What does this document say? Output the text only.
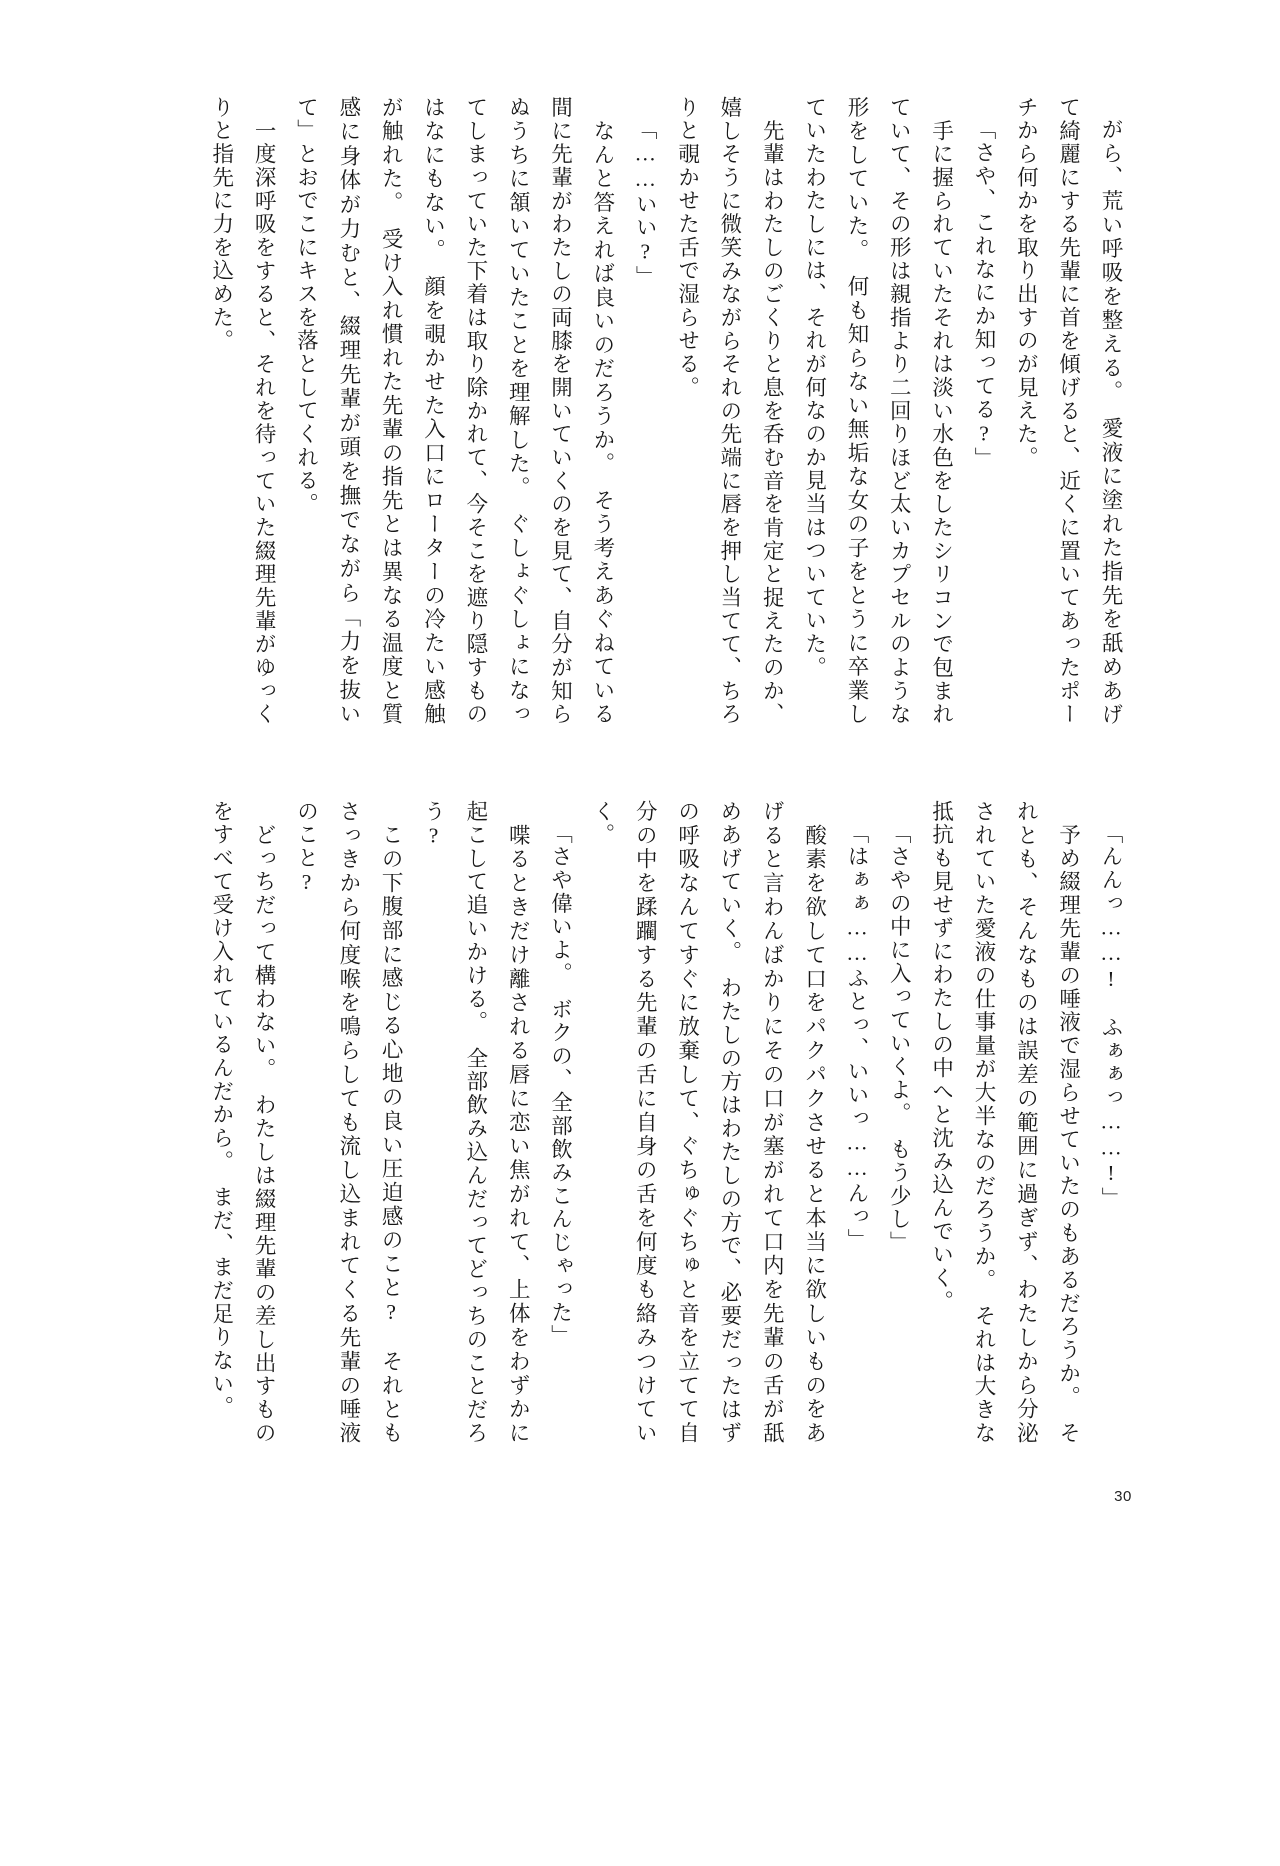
がら、荒い呼吸を整える。　愛液に塗れた指先を舐めあげて綺麗にする先輩に首を傾げると、近くに置いてあったポーチから何かを取り出すのが見えた。

「さや、これなにか知ってる?」

　手に握られていたそれは淡い水色をしたシリコンで包まれていて、その形は親指より二回りほど太いカプセルのような形をしていた。　何も知らない無垢な女の子をとうに卒業していたわたしには、それが何なのか見当はついていた。

　先輩はわたしのごくりと息を呑む音を肯定と捉えたのか、嬉しそうに微笑みながらそれの先端に唇を押し当てて、ちろりと覗かせた舌で湿らせる。

「……いい?」

　なんと答えれば良いのだろうか。　そう考えあぐねている間に先輩がわたしの両膝を開いていくのを見て、自分が知らぬうちに頷いていたことを理解した。　ぐしょぐしょになってしまっていた下着は取り除かれて、今そこを遮り隠すものはなにもない。　顔を覗かせた入口にローターの冷たい感触が触れた。　受け入れ慣れた先輩の指先とは異なる温度と質感に身体が力むと、綴理先輩が頭を撫でながら「力を抜いて」とおでこにキスを落としてくれる。

　一度深呼吸をすると、それを待っていた綴理先輩がゆっくりと指先に力を込めた。

「んんっ……!　ふぁぁっ……!」

　予め綴理先輩の唾液で湿らせていたのもあるだろうか。　それとも、そんなものは誤差の範囲に過ぎず、わたしから分泌されていた愛液の仕事量が大半なのだろうか。　それは大きな抵抗も見せずにわたしの中へと沈み込んでいく。

「さやの中に入っていくよ。　もう少し」

「はぁぁ……ふとっ、いいっ……んっ」

　酸素を欲して口をパクパクさせると本当に欲しいものをあげると言わんばかりにその口が塞がれて口内を先輩の舌が舐めあげていく。　わたしの方はわたしの方で、必要だったはずの呼吸なんてすぐに放棄して、ぐちゅぐちゅと音を立てて自分の中を蹂躙する先輩の舌に自身の舌を何度も絡みつけていく。

「さや偉いよ。　ボクの、全部飲みこんじゃった」

　喋るときだけ離される唇に恋い焦がれて、上体をわずかに起こして追いかける。　全部飲み込んだってどっちのことだろう?

　この下腹部に感じる心地の良い圧迫感のこと?　それともさっきから何度喉を鳴らしても流し込まれてくる先輩の唾液のこと?

　どっちだって構わない。　わたしは綴理先輩の差し出すものをすべて受け入れているんだから。　まだ、まだ足りない。

30
